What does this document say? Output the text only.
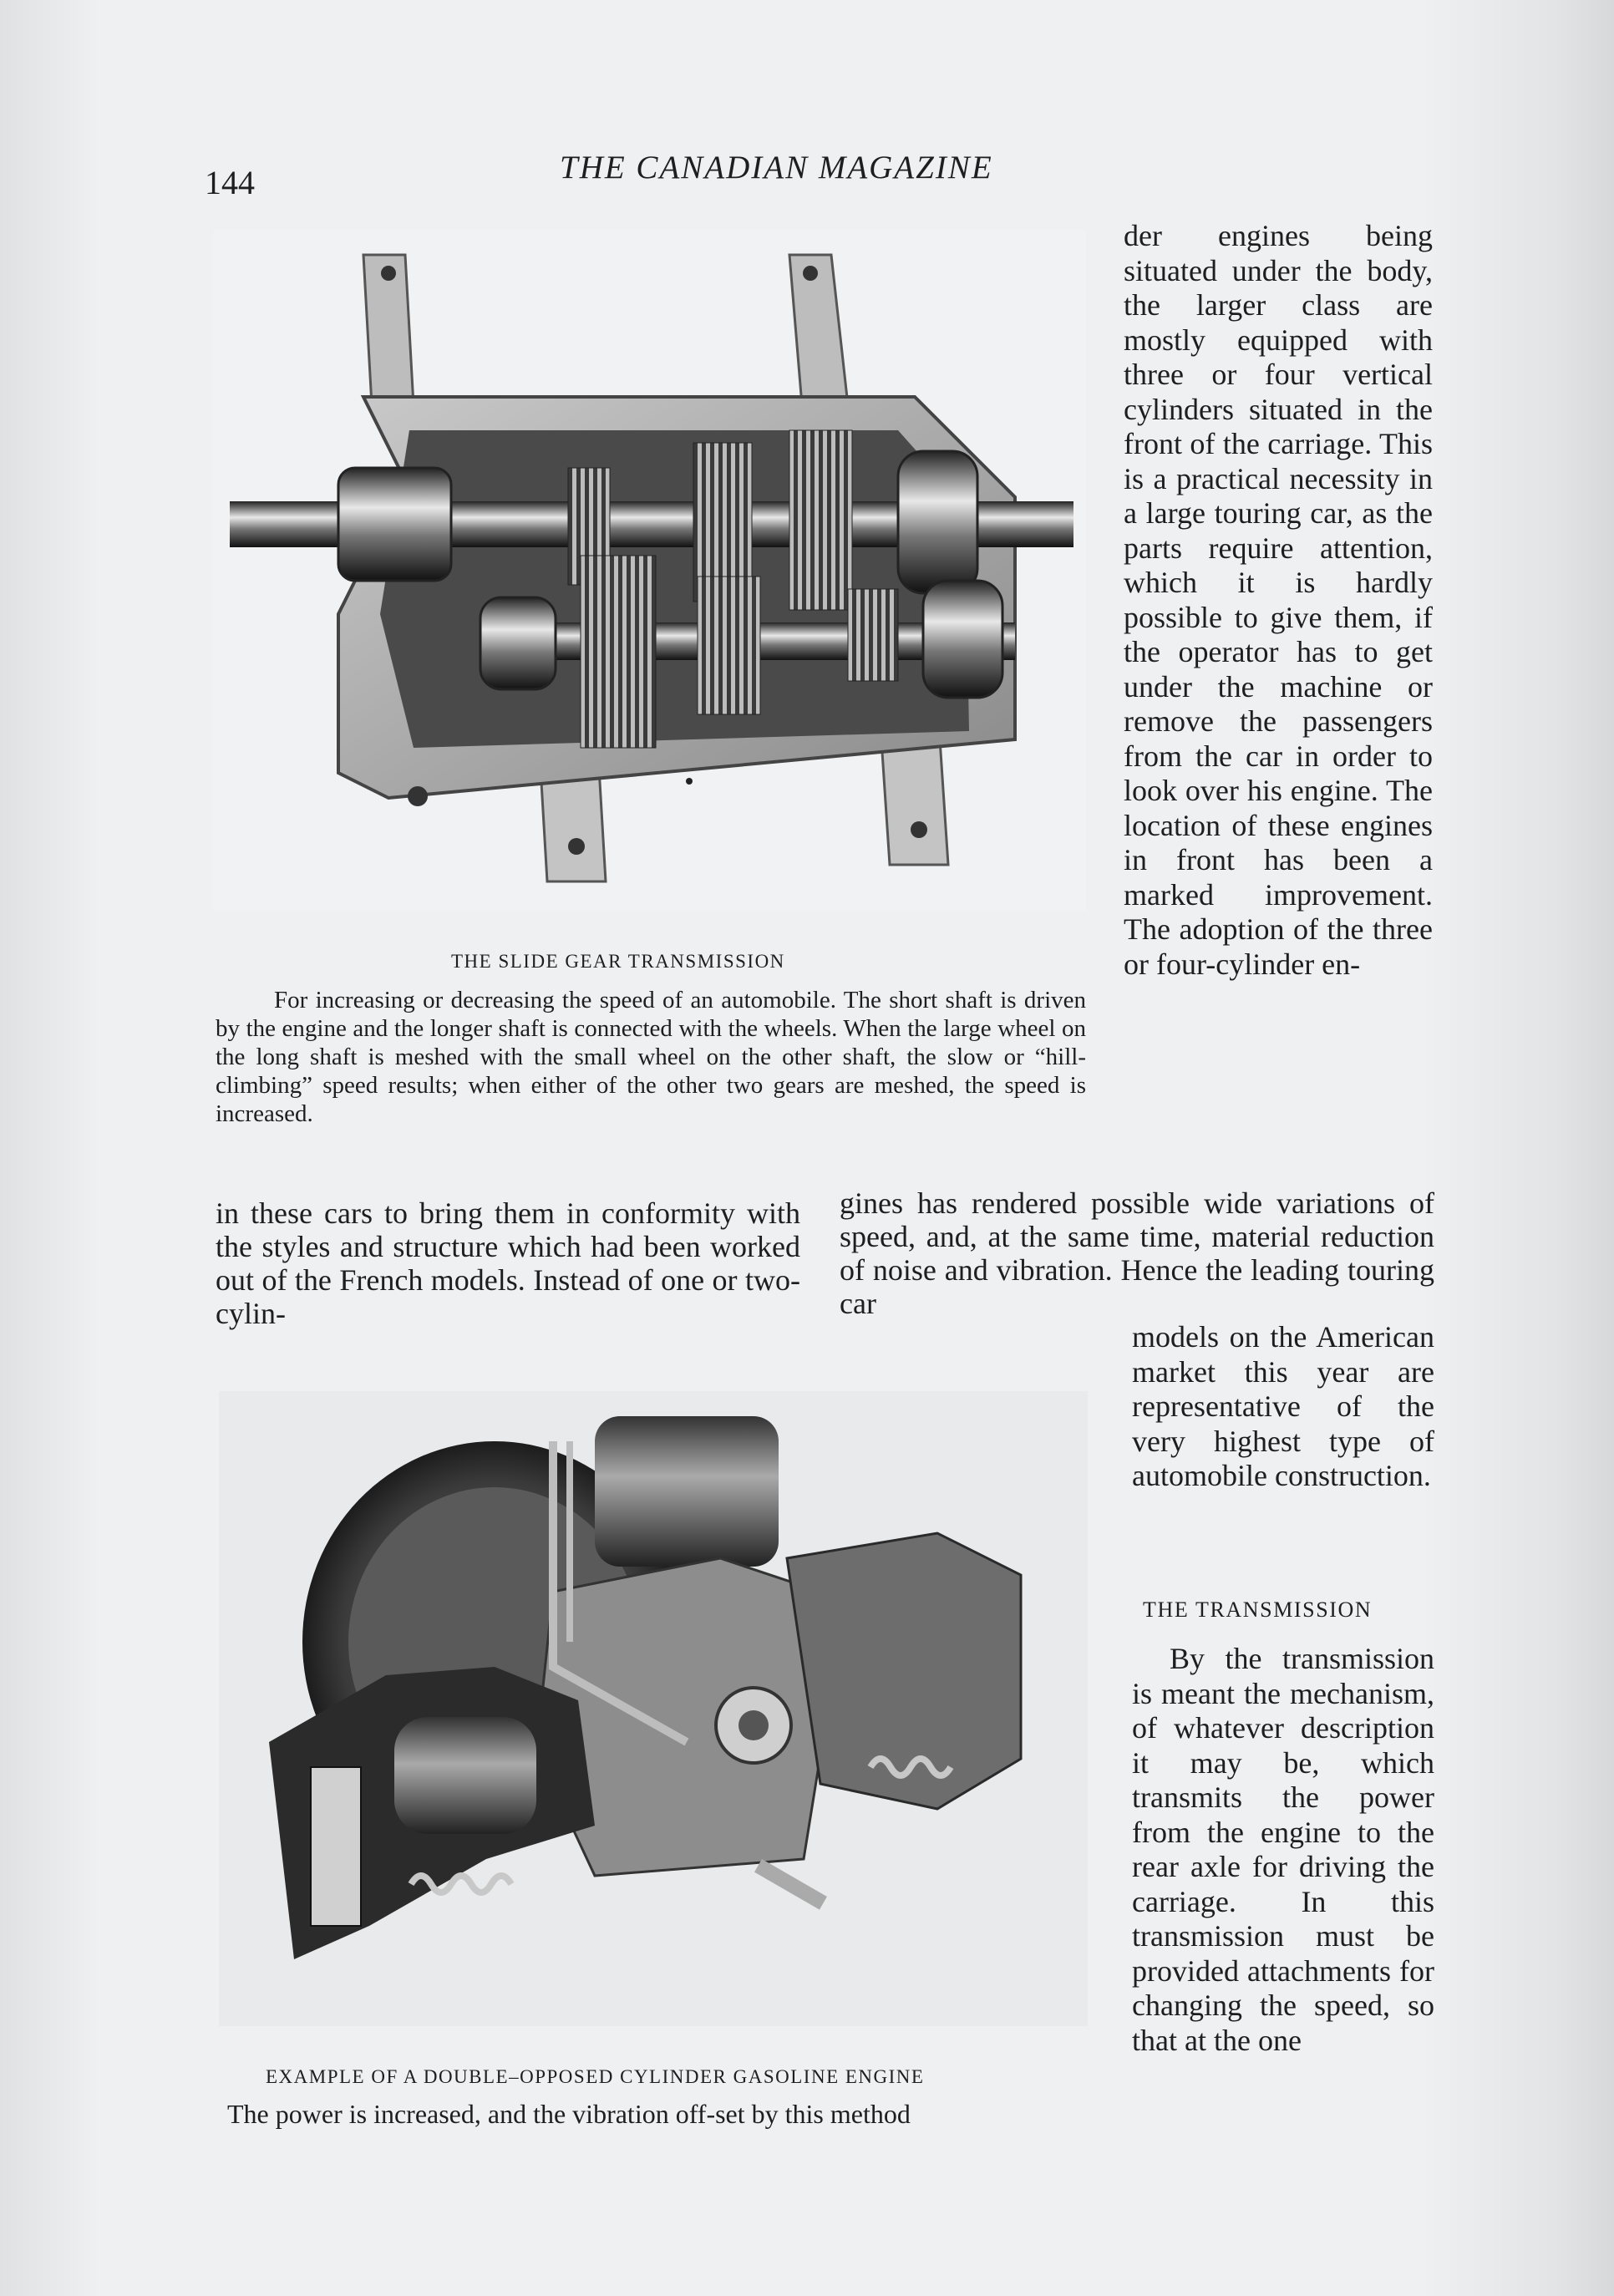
144	THE CANADIAN MAGAZINE
THE SLIDE GEAR TRANSMISSION
For increasing or decreasing the speed of an automobile. The short shaft is driven by the engine and the longer shaft is connected with the wheels. When the large wheel on the long shaft is meshed with the small wheel on the other shaft, the slow or “hill-climbing” speed results; when either of the other two gears are meshed, the speed is increased.

der engines being situated under the body, the larger class are mostly equipped with three or four vertical cylinders situated in the front of the carriage. This is a practical necessity in a large touring car, as the parts require attention, which it is hardly possible to give them, if the operator has to get under the machine or remove the passengers from the car in order to look over his engine. The location of these engines in front has been a marked improvement. The adoption of the three or four-cylinder en-

in these cars to bring them in conformity with the styles and structure which had been worked out of the French models. Instead of one or two-cylin-

gines has rendered possible wide variations of speed, and, at the same time, material reduction of noise and vibration. Hence the leading touring car

models on the American market this year are representative of the very highest type of automobile construction.

THE TRANSMISSION

By the transmission is meant the mechanism, of whatever description it may be, which transmits the power from the engine to the rear axle for driving the carriage. In this transmission must be provided attachments for changing the speed, so that at the one

EXAMPLE OF A DOUBLE–OPPOSED CYLINDER GASOLINE ENGINE
The power is increased, and the vibration off-set by this method
